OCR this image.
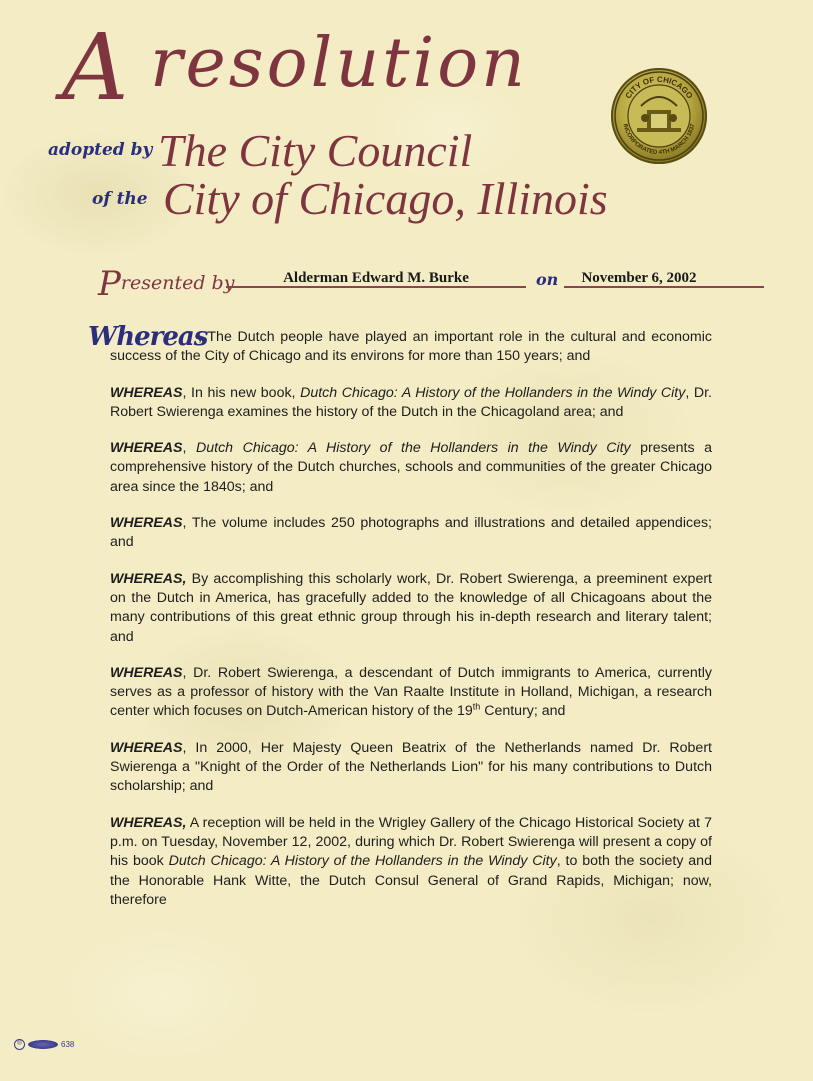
A resolution
adopted by The City Council
of the City of Chicago, Illinois
CITY OF CHICAGO
INCORPORATED 4TH MARCH 1837
Presented by	Alderman Edward M. Burke	on	November 6, 2002
Whereas

, The Dutch people have played an important role in the cultural and economic success of the City of Chicago and its environs for more than 150 years; and

WHEREAS, In his new book, Dutch Chicago: A History of the Hollanders in the Windy City, Dr. Robert Swierenga examines the history of the Dutch in the Chicagoland area; and

WHEREAS, Dutch Chicago: A History of the Hollanders in the Windy City presents a comprehensive history of the Dutch churches, schools and communities of the greater Chicago area since the 1840s; and

WHEREAS, The volume includes 250 photographs and illustrations and detailed appendices; and

WHEREAS, By accomplishing this scholarly work, Dr. Robert Swierenga, a preeminent expert on the Dutch in America, has gracefully added to the knowledge of all Chicagoans about the many contributions of this great ethnic group through his in-depth research and literary talent; and

WHEREAS, Dr. Robert Swierenga, a descendant of Dutch immigrants to America, currently serves as a professor of history with the Van Raalte Institute in Holland, Michigan, a research center which focuses on Dutch-American history of the 19th Century; and

WHEREAS, In 2000, Her Majesty Queen Beatrix of the Netherlands named Dr. Robert Swierenga a "Knight of the Order of the Netherlands Lion" for his many contributions to Dutch scholarship; and

WHEREAS, A reception will be held in the Wrigley Gallery of the Chicago Historical Society at 7 p.m. on Tuesday, November 12, 2002, during which Dr. Robert Swierenga will present a copy of his book Dutch Chicago: A History of the Hollanders in the Windy City, to both the society and the Honorable Hank Witte, the Dutch Consul General of Grand Rapids, Michigan; now, therefore

®	638
